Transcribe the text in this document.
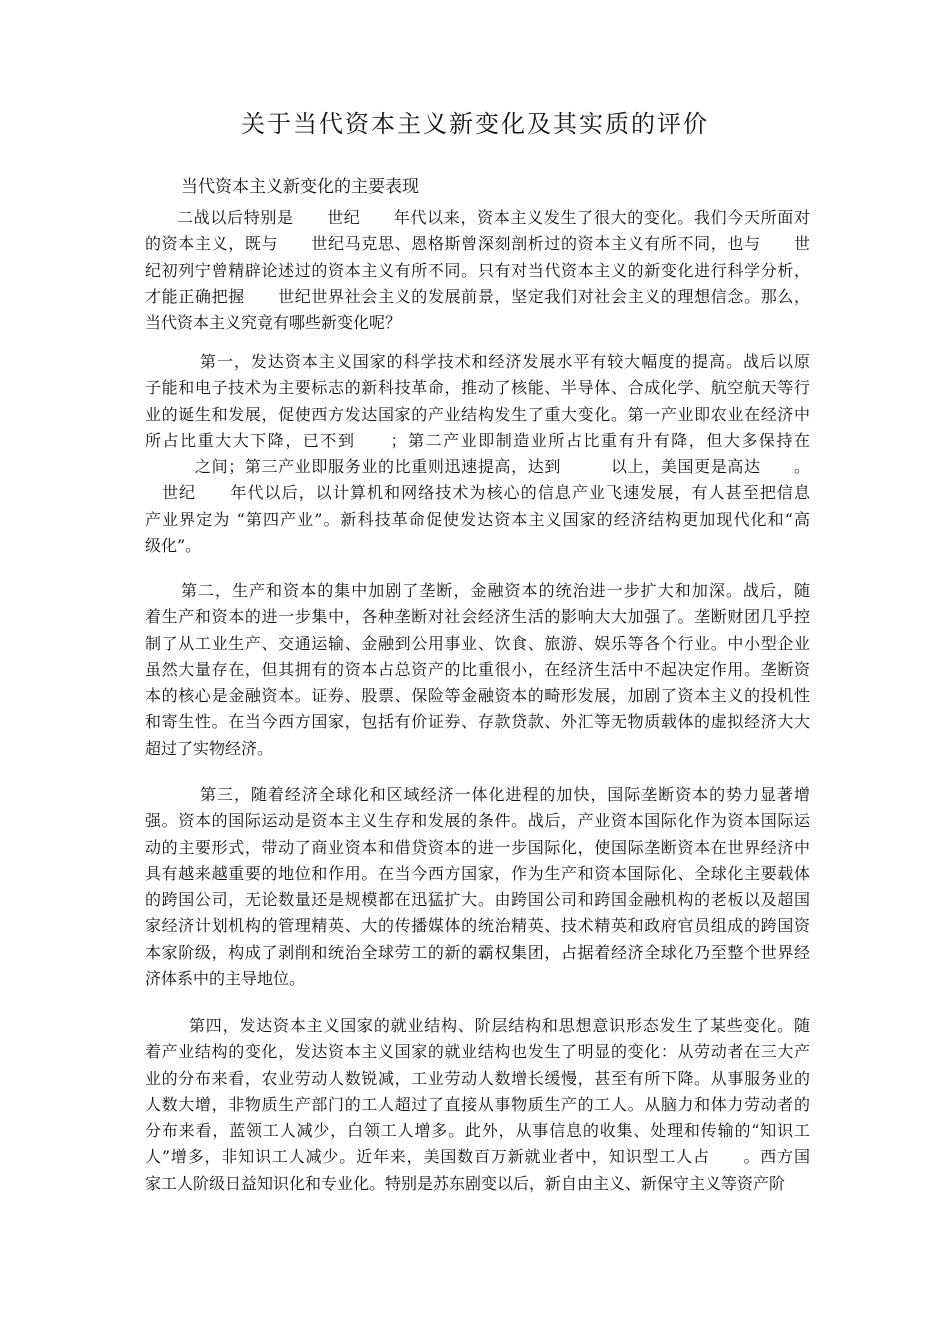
关于当代资本主义新变化及其实质的评价
当代资本主义新变化的主要表现
二战以后特别是　　世纪　　年代以来，资本主义发生了很大的变化。我们今天所面对
的资本主义，既与　　世纪马克思、恩格斯曾深刻剖析过的资本主义有所不同，也与　　世
纪初列宁曾精辟论述过的资本主义有所不同。只有对当代资本主义的新变化进行科学分析，
才能正确把握　　世纪世界社会主义的发展前景，坚定我们对社会主义的理想信念。那么，
当代资本主义究竟有哪些新变化呢？
第一，发达资本主义国家的科学技术和经济发展水平有较大幅度的提高。战后以原
子能和电子技术为主要标志的新科技革命，推动了核能、半导体、合成化学、航空航天等行
业的诞生和发展，促使西方发达国家的产业结构发生了重大变化。第一产业即农业在经济中
所占比重大大下降，已不到　　；第二产业即制造业所占比重有升有降，但大多保持在
　　　之间；第三产业即服务业的比重则迅速提高，达到　　　以上，美国更是高达　　。
　世纪　　年代以后，以计算机和网络技术为核心的信息产业飞速发展，有人甚至把信息
产业界定为 “第四产业”。新科技革命促使发达资本主义国家的经济结构更加现代化和“高
级化”。
第二，生产和资本的集中加剧了垄断，金融资本的统治进一步扩大和加深。战后，随
着生产和资本的进一步集中，各种垄断对社会经济生活的影响大大加强了。垄断财团几乎控
制了从工业生产、交通运输、金融到公用事业、饮食、旅游、娱乐等各个行业。中小型企业
虽然大量存在，但其拥有的资本占总资产的比重很小，在经济生活中不起决定作用。垄断资
本的核心是金融资本。证券、股票、保险等金融资本的畸形发展，加剧了资本主义的投机性
和寄生性。在当今西方国家，包括有价证券、存款贷款、外汇等无物质载体的虚拟经济大大
超过了实物经济。
第三，随着经济全球化和区域经济一体化进程的加快，国际垄断资本的势力显著增
强。资本的国际运动是资本主义生存和发展的条件。战后，产业资本国际化作为资本国际运
动的主要形式，带动了商业资本和借贷资本的进一步国际化，使国际垄断资本在世界经济中
具有越来越重要的地位和作用。在当今西方国家，作为生产和资本国际化、全球化主要载体
的跨国公司，无论数量还是规模都在迅猛扩大。由跨国公司和跨国金融机构的老板以及超国
家经济计划机构的管理精英、大的传播媒体的统治精英、技术精英和政府官员组成的跨国资
本家阶级，构成了剥削和统治全球劳工的新的霸权集团，占据着经济全球化乃至整个世界经
济体系中的主导地位。
第四，发达资本主义国家的就业结构、阶层结构和思想意识形态发生了某些变化。随
着产业结构的变化，发达资本主义国家的就业结构也发生了明显的变化：从劳动者在三大产
业的分布来看，农业劳动人数锐减，工业劳动人数增长缓慢，甚至有所下降。从事服务业的
人数大增，非物质生产部门的工人超过了直接从事物质生产的工人。从脑力和体力劳动者的
分布来看，蓝领工人减少，白领工人增多。此外，从事信息的收集、处理和传输的“知识工
人”增多，非知识工人减少。近年来，美国数百万新就业者中，知识型工人占　　。西方国
家工人阶级日益知识化和专业化。特别是苏东剧变以后，新自由主义、新保守主义等资产阶
